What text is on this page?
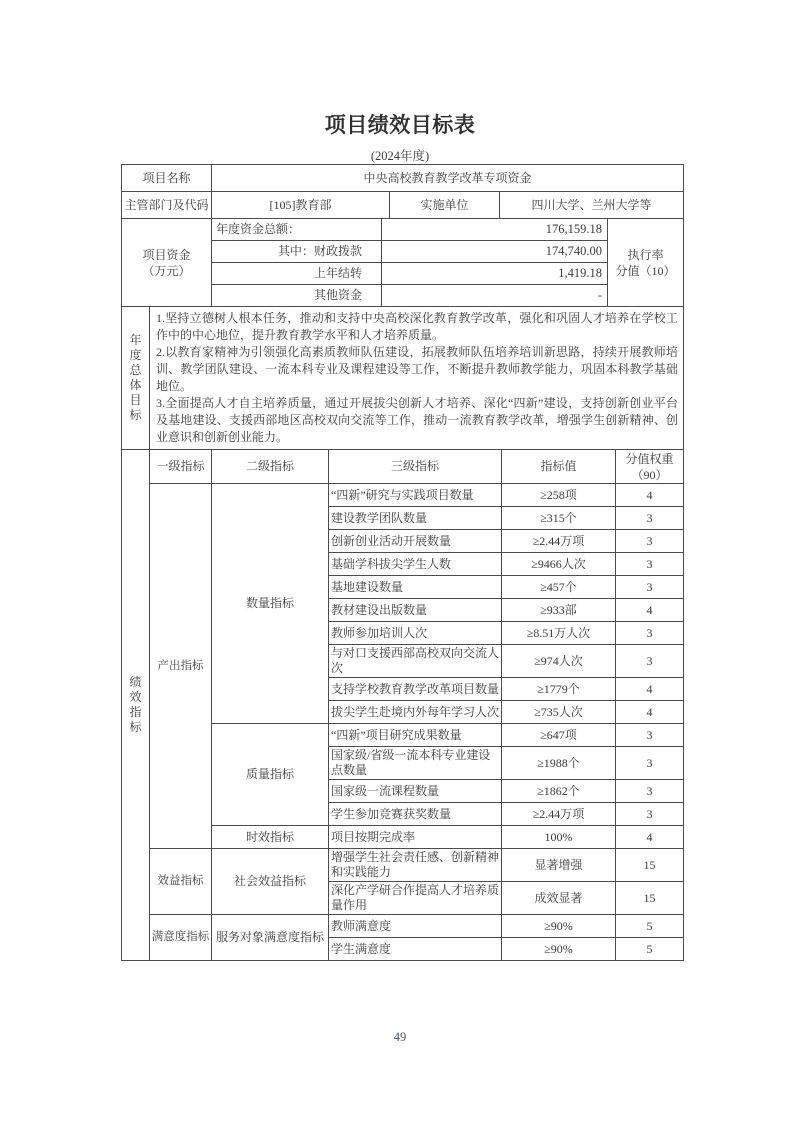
项目绩效目标表
(2024年度)
项目名称	中央高校教育教学改革专项资金				
主管部门及代码	[105]教育部		实施单位	四川大学、兰州大学等	

项目资金
（万元）	年度资金总额：	176,159.18			执行率
分值（10）

	其中：财政拨款	174,740.00			
	上年结转	1,419.18			
	其他资金	-			
年度总体目标

1.坚持立德树人根本任务，推动和支持中央高校深化教育教学改革，强化和巩固人才培养在学校工作中的中心地位，提升教育教学水平和人才培养质量。

2.以教育家精神为引领强化高素质教师队伍建设，拓展教师队伍培养培训新思路，持续开展教师培训、教学团队建设、一流本科专业及课程建设等工作，不断提升教师教学能力，巩固本科教学基础地位。

3.全面提高人才自主培养质量，通过开展拔尖创新人才培养、深化“四新”建设，支持创新创业平台及基地建设、支援西部地区高校双向交流等工作，推动一流教育教学改革，增强学生创新精神、创业意识和创新创业能力。

绩效指标	一级指标	二级指标	三级指标	指标值	分值权重
（90）

	产出指标	数量指标	“四新”研究与实践项目数量	≥258项	4
			建设教学团队数量	≥315个	3
			创新创业活动开展数量	≥2.44万项	3
			基础学科拔尖学生人数	≥9466人次	3
			基地建设数量	≥457个	3
			教材建设出版数量	≥933部	4
			教师参加培训人次	≥8.51万人次	3
			与对口支援西部高校双向交流人次	≥974人次	3
			支持学校教育教学改革项目数量	≥1779个	4
			拔尖学生赴境内外每年学习人次	≥735人次	4
		质量指标	“四新”项目研究成果数量	≥647项	3
			国家级/省级一流本科专业建设点数量	≥1988个	3
			国家级一流课程数量	≥1862个	3
			学生参加竞赛获奖数量	≥2.44万项	3
		时效指标	项目按期完成率	100%	4
	效益指标	社会效益指标	增强学生社会责任感、创新精神和实践能力	显著增强	15
			深化产学研合作提高人才培养质量作用	成效显著	15
	满意度指标	服务对象满意度指标	教师满意度	≥90%	5
			学生满意度	≥90%	5
49
